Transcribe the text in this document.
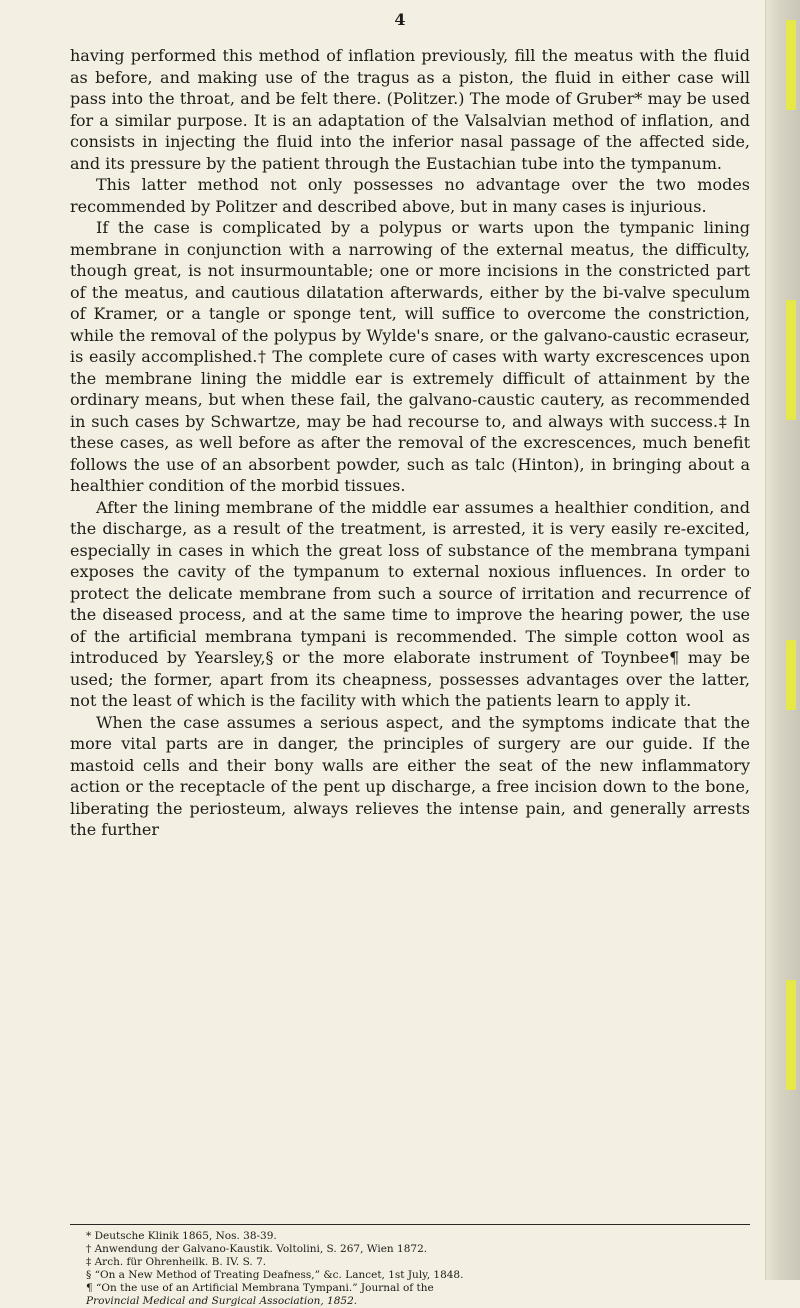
4

having performed this method of inflation previously, fill the meatus with the fluid as before, and making use of the tragus as a piston, the fluid in either case will pass into the throat, and be felt there. (Politzer.) The mode of Gruber* may be used for a similar purpose. It is an adaptation of the Valsalvian method of inflation, and consists in injecting the fluid into the inferior nasal passage of the affected side, and its pressure by the patient through the Eustachian tube into the tympanum.

This latter method not only possesses no advantage over the two modes recommended by Politzer and described above, but in many cases is injurious.

If the case is complicated by a polypus or warts upon the tympanic lining membrane in conjunction with a narrowing of the external meatus, the difficulty, though great, is not insurmountable; one or more incisions in the constricted part of the meatus, and cautious dilatation afterwards, either by the bi-valve speculum of Kramer, or a tangle or sponge tent, will suffice to overcome the constriction, while the removal of the polypus by Wylde's snare, or the galvano-caustic ecraseur, is easily accomplished.† The complete cure of cases with warty excrescences upon the membrane lining the middle ear is extremely difficult of attainment by the ordinary means, but when these fail, the galvano-caustic cautery, as recommended in such cases by Schwartze, may be had recourse to, and always with success.‡ In these cases, as well before as after the removal of the excrescences, much benefit follows the use of an absorbent powder, such as talc (Hinton), in bringing about a healthier condition of the morbid tissues.

After the lining membrane of the middle ear assumes a healthier condition, and the discharge, as a result of the treatment, is arrested, it is very easily re-excited, especially in cases in which the great loss of substance of the membrana tympani exposes the cavity of the tympanum to external noxious influences. In order to protect the delicate membrane from such a source of irritation and recurrence of the diseased process, and at the same time to improve the hearing power, the use of the artificial membrana tympani is recommended. The simple cotton wool as introduced by Yearsley,§ or the more elaborate instrument of Toynbee¶ may be used; the former, apart from its cheapness, possesses advantages over the latter, not the least of which is the facility with which the patients learn to apply it.

When the case assumes a serious aspect, and the symptoms indicate that the more vital parts are in danger, the principles of surgery are our guide. If the mastoid cells and their bony walls are either the seat of the new inflammatory action or the receptacle of the pent up discharge, a free incision down to the bone, liberating the periosteum, always relieves the intense pain, and generally arrests the further

* Deutsche Klinik 1865, Nos. 38-39.

† Anwendung der Galvano-Kaustik. Voltolini, S. 267, Wien 1872.

‡ Arch. für Ohrenheilk. B. IV. S. 7.

§ “On a New Method of Treating Deafness,” &c. Lancet, 1st July, 1848.

¶ “On the use of an Artificial Membrana Tympani.” Journal of the

Provincial Medical and Surgical Association, 1852.
